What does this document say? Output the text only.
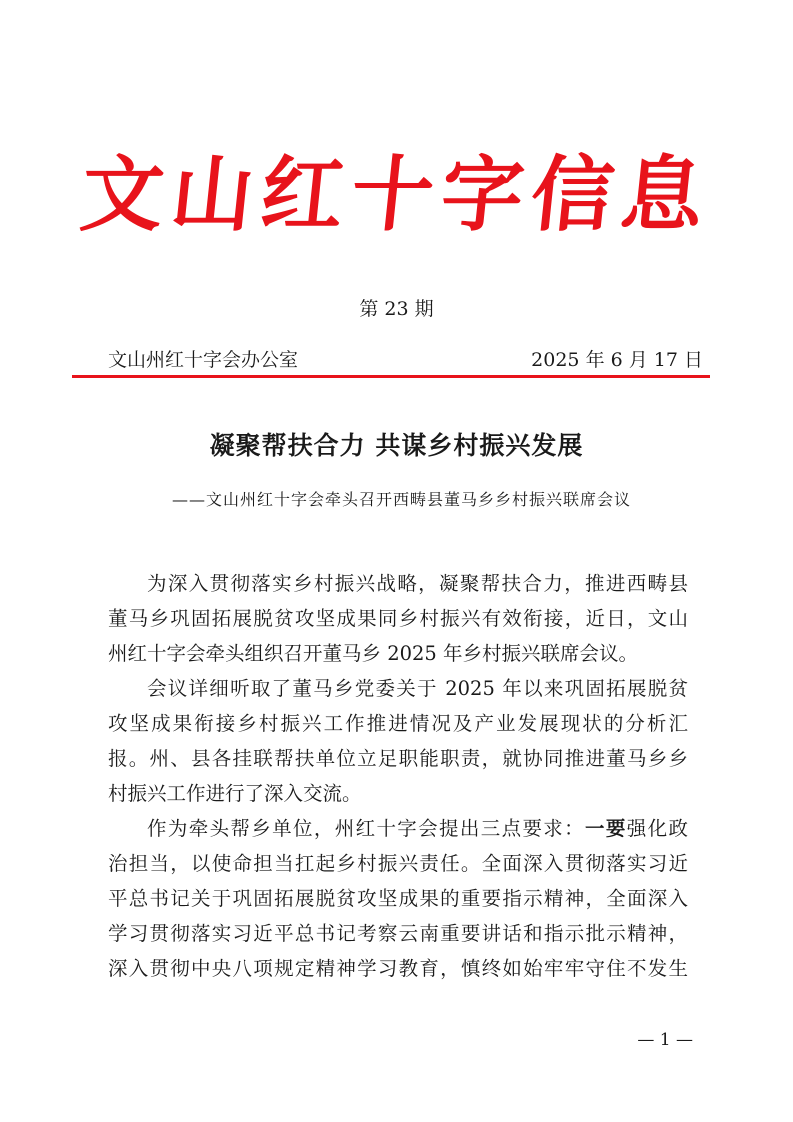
文山红十字信息
第 23 期
文山州红十字会办公室	2025 年 6 月 17 日
凝聚帮扶合力 共谋乡村振兴发展
——文山州红十字会牵头召开西畴县董马乡乡村振兴联席会议
为深入贯彻落实乡村振兴战略，凝聚帮扶合力，推进西畴县
董马乡巩固拓展脱贫攻坚成果同乡村振兴有效衔接，近日，文山
州红十字会牵头组织召开董马乡 2025 年乡村振兴联席会议。
会议详细听取了董马乡党委关于 2025 年以来巩固拓展脱贫
攻坚成果衔接乡村振兴工作推进情况及产业发展现状的分析汇
报。州、县各挂联帮扶单位立足职能职责，就协同推进董马乡乡
村振兴工作进行了深入交流。
作为牵头帮乡单位，州红十字会提出三点要求：一要强化政
治担当，以使命担当扛起乡村振兴责任。全面深入贯彻落实习近
平总书记关于巩固拓展脱贫攻坚成果的重要指示精神，全面深入
学习贯彻落实习近平总书记考察云南重要讲话和指示批示精神，
深入贯彻中央八项规定精神学习教育，慎终如始牢牢守住不发生
— 1 —
